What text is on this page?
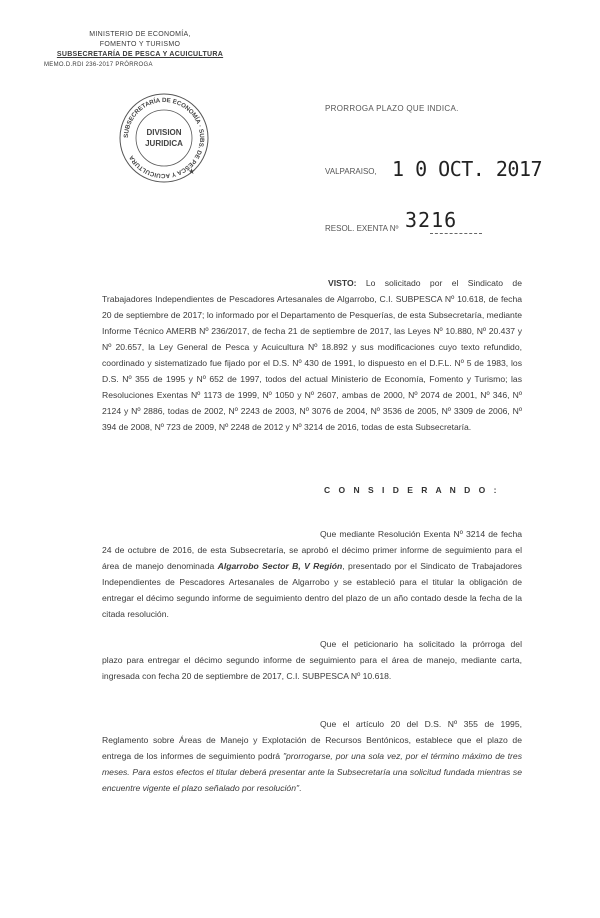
MINISTERIO DE ECONOMÍA,
FOMENTO Y TURISMO
SUBSECRETARÍA DE PESCA Y ACUICULTURA
MEMO.D.RDI 236-2017 PRÓRROGA
SUBSECRETARÍA DE ECONOMÍA · SUBS. DE PESCA Y ACUICULTURA
DIVISION
JURIDICA
★
PRORROGA PLAZO QUE INDICA.
VALPARAISO, 1 0 OCT. 2017
RESOL. EXENTA Nº 3216
VISTO: Lo solicitado por el Sindicato de Trabajadores Independientes de Pescadores Artesanales de Algarrobo, C.I. SUBPESCA Nº 10.618, de fecha 20 de septiembre de 2017; lo informado por el Departamento de Pesquerías, de esta Subsecretaría, mediante Informe Técnico AMERB Nº 236/2017, de fecha 21 de septiembre de 2017, las Leyes Nº 10.880, Nº 20.437 y Nº 20.657, la Ley General de Pesca y Acuicultura Nº 18.892 y sus modificaciones cuyo texto refundido, coordinado y sistematizado fue fijado por el D.S. Nº 430 de 1991, lo dispuesto en el D.F.L. Nº 5 de 1983, los D.S. Nº 355 de 1995 y Nº 652 de 1997, todos del actual Ministerio de Economía, Fomento y Turismo; las Resoluciones Exentas Nº 1173 de 1999, Nº 1050 y Nº 2607, ambas de 2000, Nº 2074 de 2001, Nº 346, Nº 2124 y Nº 2886, todas de 2002, Nº 2243 de 2003, Nº 3076 de 2004, Nº 3536 de 2005, Nº 3309 de 2006, Nº 394 de 2008, Nº 723 de 2009, Nº 2248 de 2012 y Nº 3214 de 2016, todas de esta Subsecretaría.
C O N S I D E R A N D O :
Que mediante Resolución Exenta Nº 3214 de fecha 24 de octubre de 2016, de esta Subsecretaría, se aprobó el décimo primer informe de seguimiento para el área de manejo denominada Algarrobo Sector B, V Región, presentado por el Sindicato de Trabajadores Independientes de Pescadores Artesanales de Algarrobo y se estableció para el titular la obligación de entregar el décimo segundo informe de seguimiento dentro del plazo de un año contado desde la fecha de la citada resolución.
Que el peticionario ha solicitado la prórroga del plazo para entregar el décimo segundo informe de seguimiento para el área de manejo, mediante carta, ingresada con fecha 20 de septiembre de 2017, C.I. SUBPESCA Nº 10.618.
Que el artículo 20 del D.S. Nº 355 de 1995, Reglamento sobre Áreas de Manejo y Explotación de Recursos Bentónicos, establece que el plazo de entrega de los informes de seguimiento podrá "prorrogarse, por una sola vez, por el término máximo de tres meses. Para estos efectos el titular deberá presentar ante la Subsecretaría una solicitud fundada mientras se encuentre vigente el plazo señalado por resolución".
